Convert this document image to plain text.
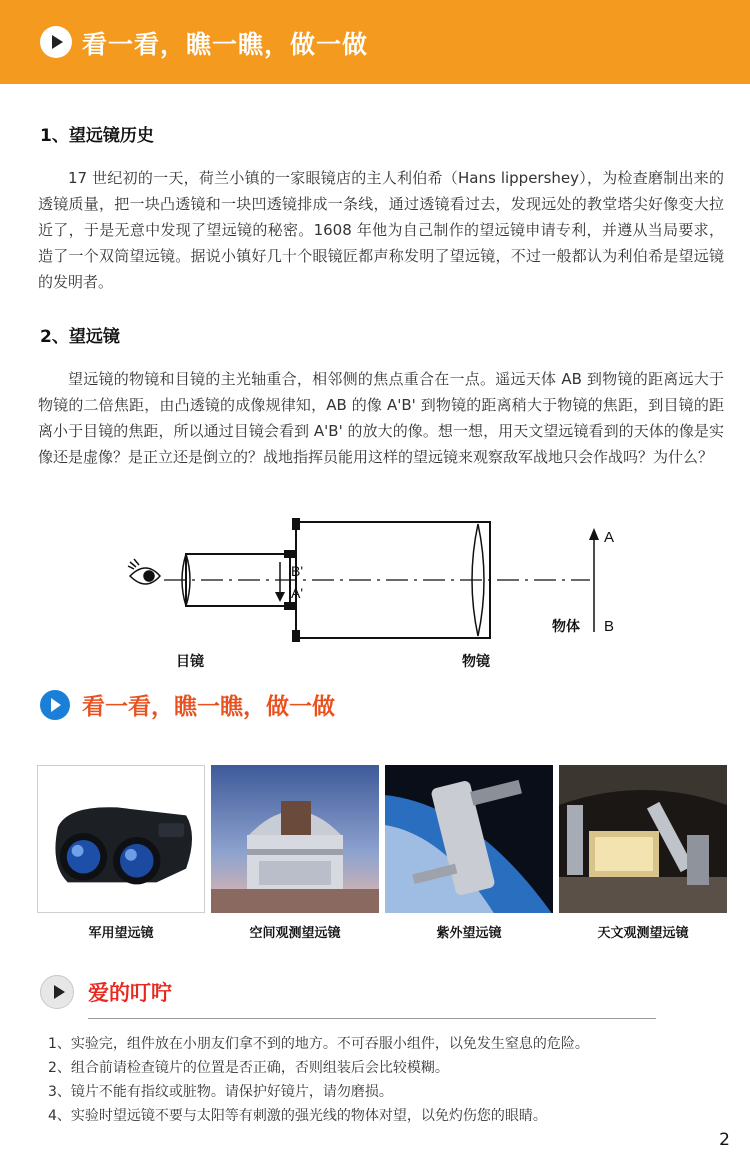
看一看，瞧一瞧，做一做
1、望远镜历史

17 世纪初的一天，荷兰小镇的一家眼镜店的主人利伯希（Hans lippershey），为检查磨制出来的透镜质量，把一块凸透镜和一块凹透镜排成一条线，通过透镜看过去，发现远处的教堂塔尖好像变大拉近了，于是无意中发现了望远镜的秘密。1608 年他为自己制作的望远镜申请专利，并遵从当局要求，造了一个双筒望远镜。据说小镇好几十个眼镜匠都声称发明了望远镜，不过一般都认为利伯希是望远镜的发明者。

2、望远镜

望远镜的物镜和目镜的主光轴重合，相邻侧的焦点重合在一点。遥远天体 AB 到物镜的距离远大于物镜的二倍焦距，由凸透镜的成像规律知，AB 的像 A'B' 到物镜的距离稍大于物镜的焦距，到目镜的距离小于目镜的焦距，所以通过目镜会看到 A'B' 的放大的像。想一想，用天文望远镜看到的天体的像是实像还是虚像？是正立还是倒立的？战地指挥员能用这样的望远镜来观察敌军战地只会作战吗？为什么？

B'
A'
A
B
物体
目镜	物镜
看一看，瞧一瞧，做一做
军用望远镜	空间观测望远镜	紫外望远镜	天文观测望远镜
爱的叮咛
1、实验完，组件放在小朋友们拿不到的地方。不可吞服小组件，以免发生窒息的危险。
2、组合前请检查镜片的位置是否正确，否则组装后会比较模糊。
3、镜片不能有指纹或脏物。请保护好镜片，请勿磨损。
4、实验时望远镜不要与太阳等有刺激的强光线的物体对望，以免灼伤您的眼睛。
2
